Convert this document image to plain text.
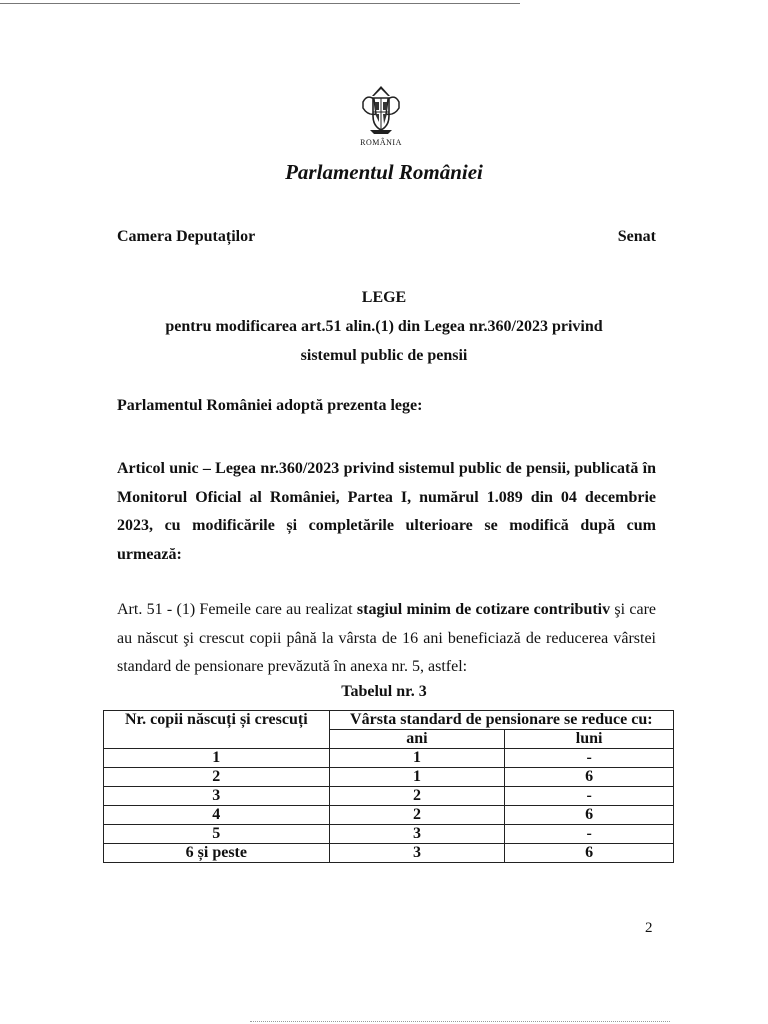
ROMÂNIA
Parlamentul României
Camera Deputaților	Senat
LEGE
pentru modificarea art.51 alin.(1) din Legea nr.360/2023 privind
sistemul public de pensii
Parlamentul României adoptă prezenta lege:
Articol unic – Legea nr.360/2023 privind sistemul public de pensii, publicată în Monitorul Oficial al României, Partea I, numărul 1.089 din 04 decembrie 2023, cu modificările și completările ulterioare se modifică după cum urmează:
Art. 51 - (1) Femeile care au realizat stagiul minim de cotizare contributiv şi care au născut şi crescut copii până la vârsta de 16 ani beneficiază de reducerea vârstei standard de pensionare prevăzută în anexa nr. 5, astfel:
Tabelul nr. 3
Nr. copii născuți și crescuți	Vârsta standard de pensionare se reduce cu:	
	ani	luni
1	1	-
2	1	6
3	2	-
4	2	6
5	3	-
6 și peste	3	6
2
